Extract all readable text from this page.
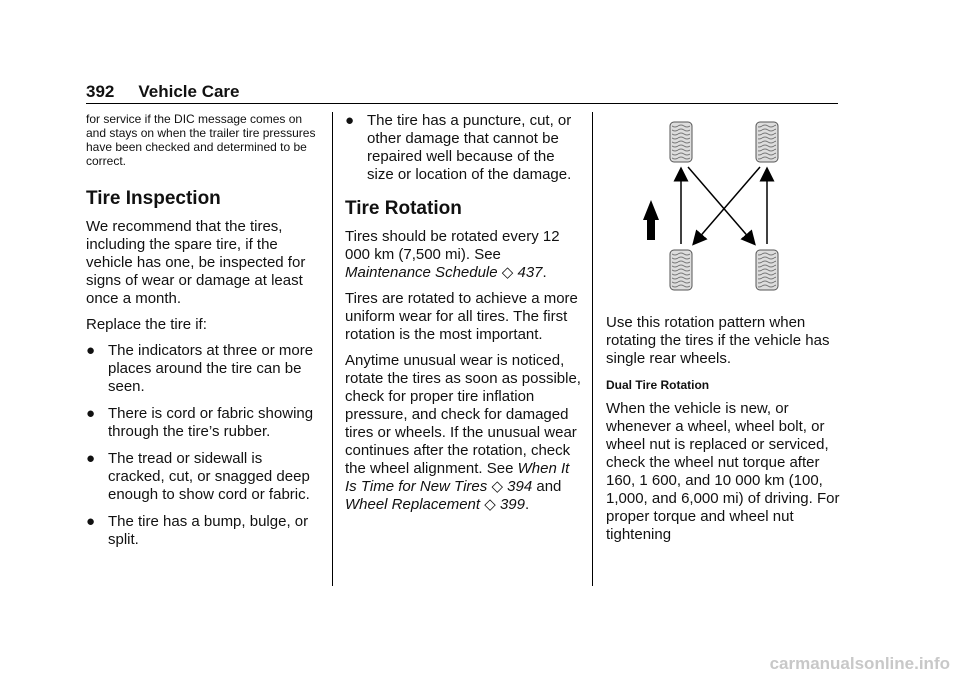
392 Vehicle Care

for service if the DIC message comes on and stays on when the trailer tire pressures have been checked and determined to be correct.

Tire Inspection

We recommend that the tires, including the spare tire, if the vehicle has one, be inspected for signs of wear or damage at least once a month.

Replace the tire if:

● The indicators at three or more places around the tire can be seen.
● There is cord or fabric showing through the tire’s rubber.
● The tread or sidewall is cracked, cut, or snagged deep enough to show cord or fabric.
● The tire has a bump, bulge, or split.
● The tire has a puncture, cut, or other damage that cannot be repaired well because of the size or location of the damage.
Tire Rotation

Tires should be rotated every 12 000 km (7,500 mi). See Maintenance Schedule ◇ 437.

Tires are rotated to achieve a more uniform wear for all tires. The first rotation is the most important.

Anytime unusual wear is noticed, rotate the tires as soon as possible, check for proper tire inflation pressure, and check for damaged tires or wheels. If the unusual wear continues after the rotation, check the wheel alignment. See When It Is Time for New Tires ◇ 394 and Wheel Replacement ◇ 399.

Use this rotation pattern when rotating the tires if the vehicle has single rear wheels.

Dual Tire Rotation

When the vehicle is new, or whenever a wheel, wheel bolt, or wheel nut is replaced or serviced, check the wheel nut torque after 160, 1 600, and 10 000 km (100, 1,000, and 6,000 mi) of driving. For proper torque and wheel nut tightening

carmanualsonline.info
